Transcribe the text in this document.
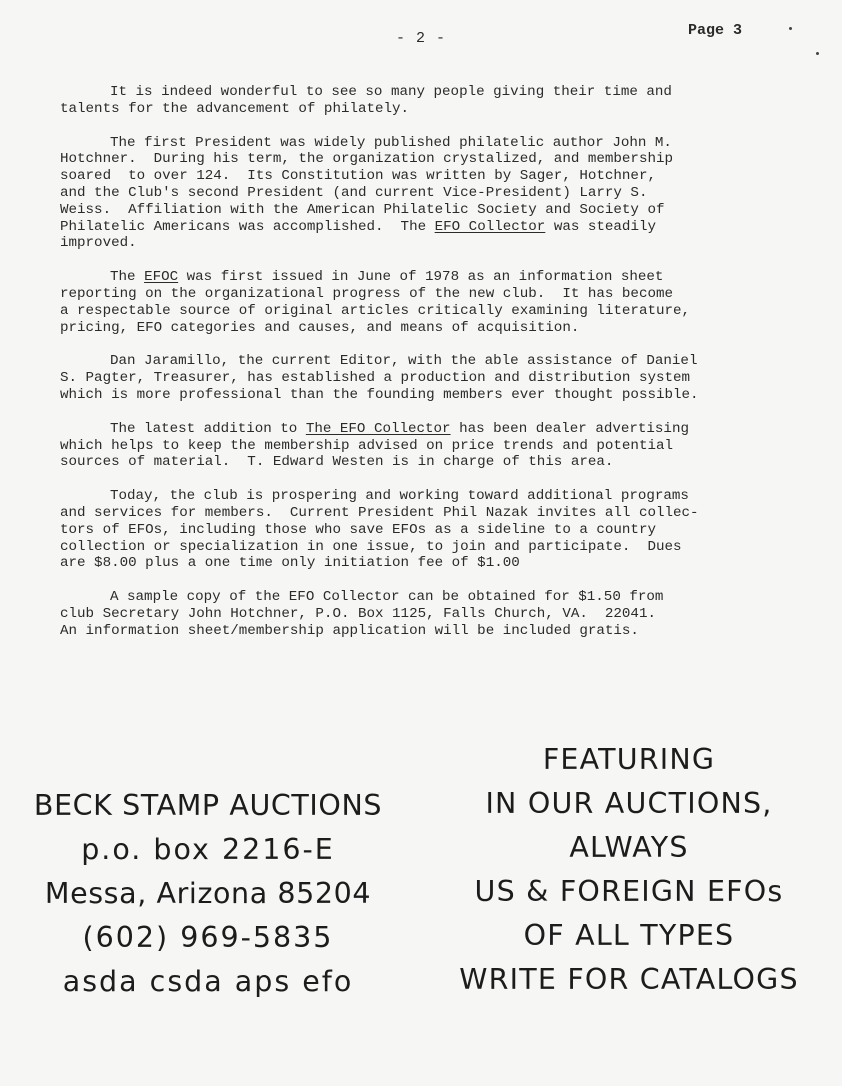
- 2 -	Page 3
It is indeed wonderful to see so many people giving their time and
talents for the advancement of philately.
The first President was widely published philatelic author John M.
Hotchner.  During his term, the organization crystalized, and membership
soared  to over 124.  Its Constitution was written by Sager, Hotchner,
and the Club's second President (and current Vice-President) Larry S.
Weiss.  Affiliation with the American Philatelic Society and Society of
Philatelic Americans was accomplished.  The EFO Collector was steadily
improved.
The EFOC was first issued in June of 1978 as an information sheet
reporting on the organizational progress of the new club.  It has become
a respectable source of original articles critically examining literature,
pricing, EFO categories and causes, and means of acquisition.
Dan Jaramillo, the current Editor, with the able assistance of Daniel
S. Pagter, Treasurer, has established a production and distribution system
which is more professional than the founding members ever thought possible.
The latest addition to The EFO Collector has been dealer advertising
which helps to keep the membership advised on price trends and potential
sources of material.  T. Edward Westen is in charge of this area.
Today, the club is prospering and working toward additional programs
and services for members.  Current President Phil Nazak invites all collec-
tors of EFOs, including those who save EFOs as a sideline to a country
collection or specialization in one issue, to join and participate.  Dues
are $8.00 plus a one time only initiation fee of $1.00
A sample copy of the EFO Collector can be obtained for $1.50 from
club Secretary John Hotchner, P.O. Box 1125, Falls Church, VA.  22041.
An information sheet/membership application will be included gratis.
BECK STAMP AUCTIONS
p.o. box 2216-E
Messa, Arizona 85204
(602) 969-5835
asda csda aps efo
FEATURING
IN OUR AUCTIONS,
ALWAYS
US & FOREIGN EFOs
OF ALL TYPES
WRITE FOR CATALOGS
